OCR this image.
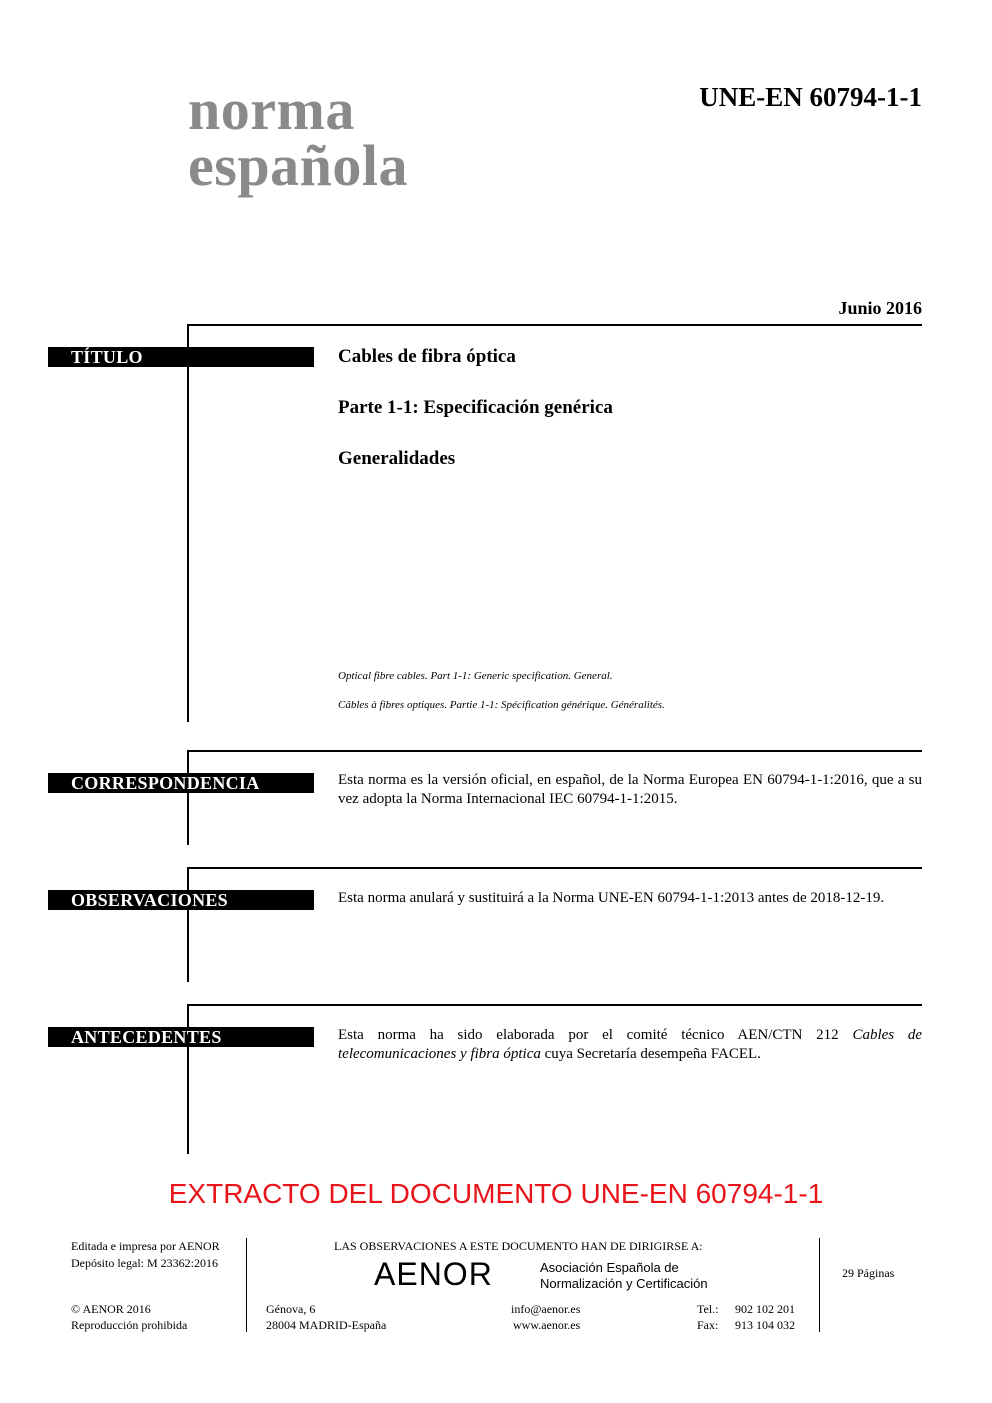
norma
española
UNE-EN 60794-1-1
Junio 2016
TÍTULO	Cables de fibra óptica
Parte 1-1: Especificación genérica
Generalidades
Optical fibre cables. Part 1-1: Generic specification. General.
Câbles à fibres optiques. Partie 1-1: Spécification générique. Généralités.
CORRESPONDENCIA	Esta norma es la versión oficial, en español, de la Norma Europea EN 60794-1-1:2016, que a su vez adopta la Norma Internacional IEC 60794-1-1:2015.
OBSERVACIONES	Esta norma anulará y sustituirá a la Norma UNE-EN 60794-1-1:2013 antes de 2018-12-19.
ANTECEDENTES	Esta norma ha sido elaborada por el comité técnico AEN/CTN 212 Cables de telecomunicaciones y fibra óptica cuya Secretaría desempeña FACEL.
EXTRACTO DEL DOCUMENTO UNE-EN 60794-1-1
Editada e impresa por AENOR
Depósito legal: M 23362:2016
© AENOR 2016
Reproducción prohibida
LAS OBSERVACIONES A ESTE DOCUMENTO HAN DE DIRIGIRSE A:
AENOR	Asociación Española de
Normalización y Certificación
Génova, 6
28004 MADRID-España
info@aenor.es
www.aenor.es
Tel.: 902 102 201
Fax: 913 104 032
29 Páginas
